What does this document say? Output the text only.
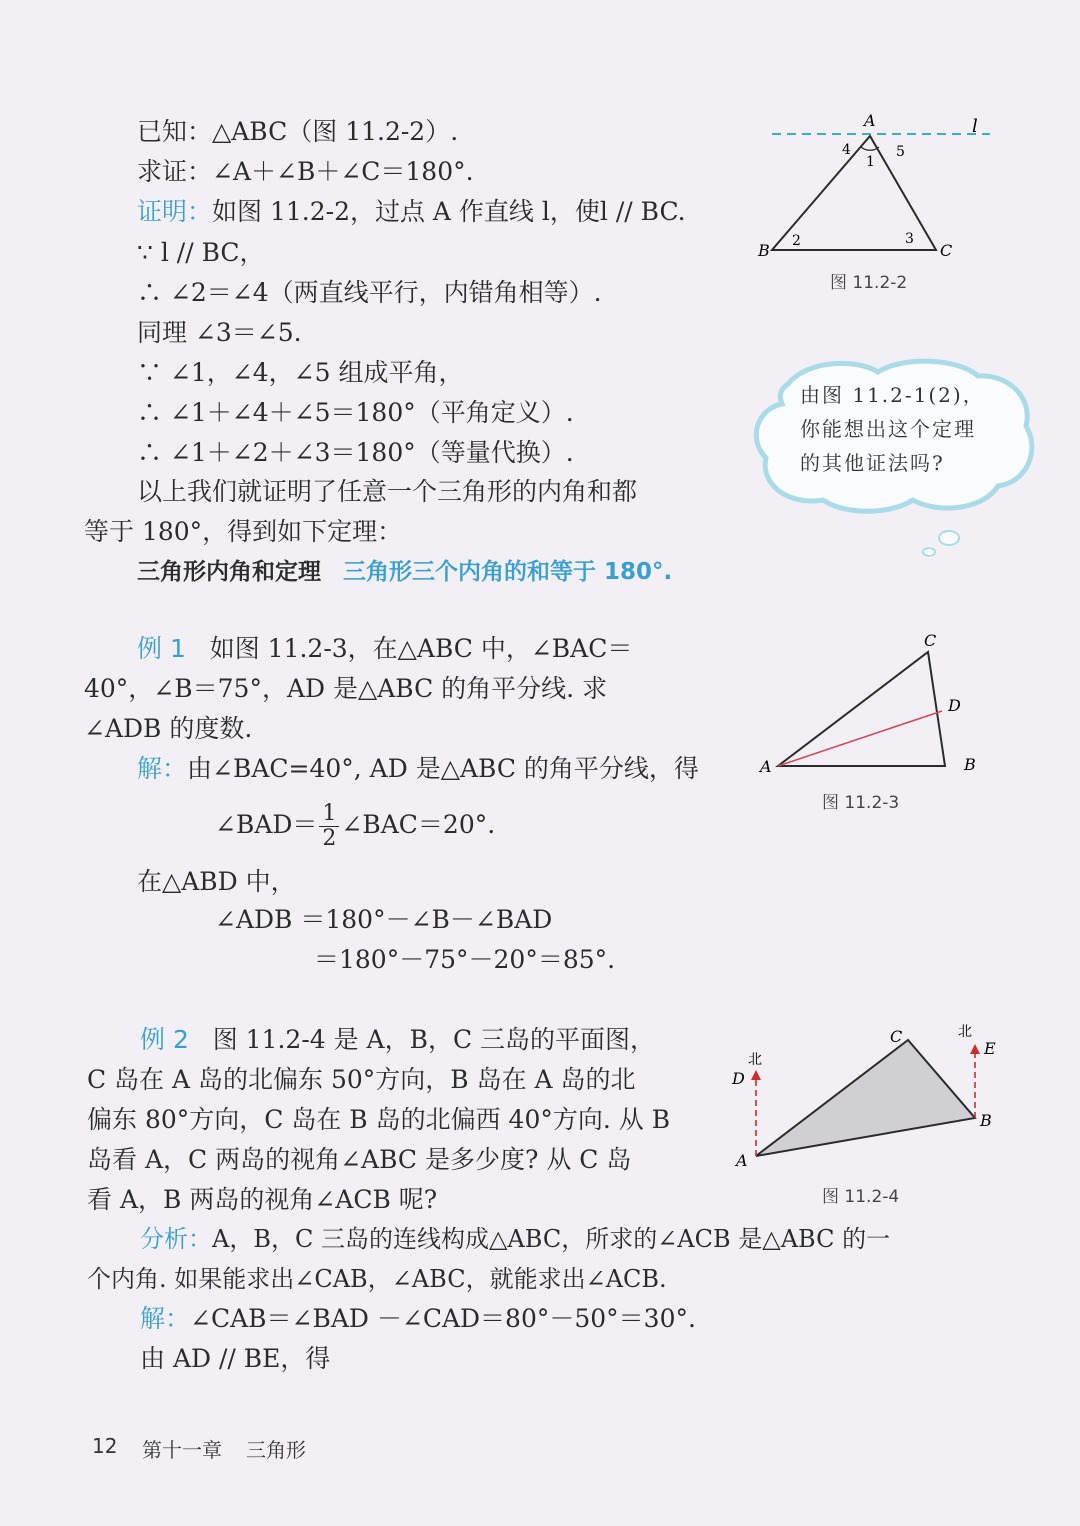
已知：△ABC（图 11.2-2）.
求证：∠A＋∠B＋∠C＝180°.
证明：如图 11.2-2，过点 A 作直线 l，使l // BC.
∵ l // BC，
∴ ∠2＝∠4（两直线平行，内错角相等）.
同理 ∠3＝∠5.
∵ ∠1，∠4，∠5 组成平角，
∴ ∠1＋∠4＋∠5＝180°（平角定义）.
∴ ∠1＋∠2＋∠3＝180°（等量代换）.
以上我们就证明了任意一个三角形的内角和都
等于 180°，得到如下定理：
三角形内角和定理 三角形三个内角的和等于 180°.
A	l
B	C
1
2	3
4	5
图 11.2-2
由图 11.2-1(2)，你能想出这个定理的其他证法吗?
例 1 如图 11.2-3，在△ABC 中，∠BAC＝
40°，∠B＝75°，AD 是△ABC 的角平分线. 求
∠ADB 的度数.
解：由∠BAC=40°, AD 是△ABC 的角平分线，得
∠BAD＝ $\frac{1}{2}$ ∠BAC＝20°.
在△ABD 中，
∠ADB ＝180°－∠B－∠BAD
＝180°－75°－20°＝85°.
C
D
A	B
图 11.2-3
例 2 图 11.2-4 是 A，B，C 三岛的平面图，
C 岛在 A 岛的北偏东 50°方向，B 岛在 A 岛的北
偏东 80°方向，C 岛在 B 岛的北偏西 40°方向. 从 B
岛看 A，C 两岛的视角∠ABC 是多少度? 从 C 岛
看 A，B 两岛的视角∠ACB 呢?
分析：A，B，C 三岛的连线构成△ABC，所求的∠ACB 是△ABC 的一
个内角. 如果能求出∠CAB，∠ABC，就能求出∠ACB.
解：∠CAB＝∠BAD －∠CAD＝80°－50°＝30°.
由 AD // BE，得
北
北
D
E
C
A
B
图 11.2-4
12 第十一章 三角形
